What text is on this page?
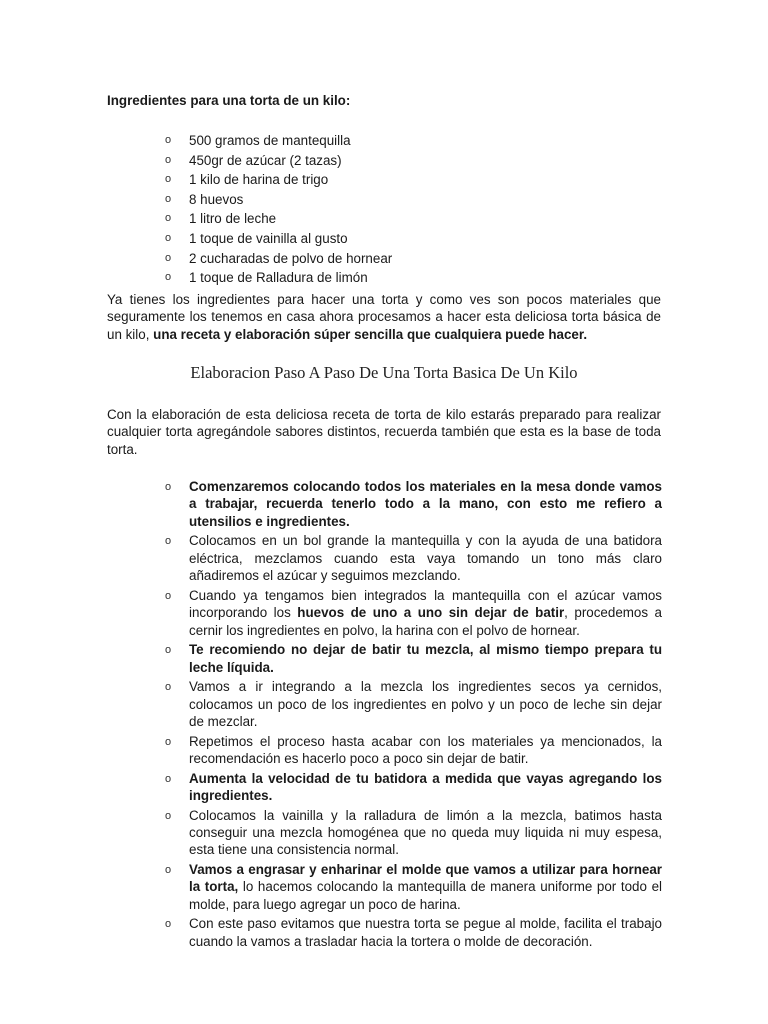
Ingredientes para una torta de un kilo:

o	500 gramos de mantequilla
o	450gr de azúcar (2 tazas)
o	1 kilo de harina de trigo
o	8 huevos
o	1 litro de leche
o	1 toque de vainilla al gusto
o	2 cucharadas de polvo de hornear
o	1 toque de Ralladura de limón

Ya tienes los ingredientes para hacer una torta y como ves son pocos materiales que seguramente los tenemos en casa ahora procesamos a hacer esta deliciosa torta básica de un kilo, una receta y elaboración súper sencilla que cualquiera puede hacer.

Elaboracion Paso A Paso De Una Torta Basica De Un Kilo

Con la elaboración de esta deliciosa receta de torta de kilo estarás preparado para realizar cualquier torta agregándole sabores distintos, recuerda también que esta es la base de toda torta.

o	Comenzaremos colocando todos los materiales en la mesa donde vamos a trabajar, recuerda tenerlo todo a la mano, con esto me refiero a utensilios e ingredientes.
o	Colocamos en un bol grande la mantequilla y con la ayuda de una batidora eléctrica, mezclamos cuando esta vaya tomando un tono más claro añadiremos el azúcar y seguimos mezclando.
o	Cuando ya tengamos bien integrados la mantequilla con el azúcar vamos incorporando los huevos de uno a uno sin dejar de batir, procedemos a cernir los ingredientes en polvo, la harina con el polvo de hornear.
o	Te recomiendo no dejar de batir tu mezcla, al mismo tiempo prepara tu leche líquida.
o	Vamos a ir integrando a la mezcla los ingredientes secos ya cernidos, colocamos un poco de los ingredientes en polvo y un poco de leche sin dejar de mezclar.
o	Repetimos el proceso hasta acabar con los materiales ya mencionados, la recomendación es hacerlo poco a poco sin dejar de batir.
o	Aumenta la velocidad de tu batidora a medida que vayas agregando los ingredientes.
o	Colocamos la vainilla y la ralladura de limón a la mezcla, batimos hasta conseguir una mezcla homogénea que no queda muy liquida ni muy espesa, esta tiene una consistencia normal.
o	Vamos a engrasar y enharinar el molde que vamos a utilizar para hornear la torta, lo hacemos colocando la mantequilla de manera uniforme por todo el molde, para luego agregar un poco de harina.
o	Con este paso evitamos que nuestra torta se pegue al molde, facilita el trabajo cuando la vamos a trasladar hacia la tortera o molde de decoración.
